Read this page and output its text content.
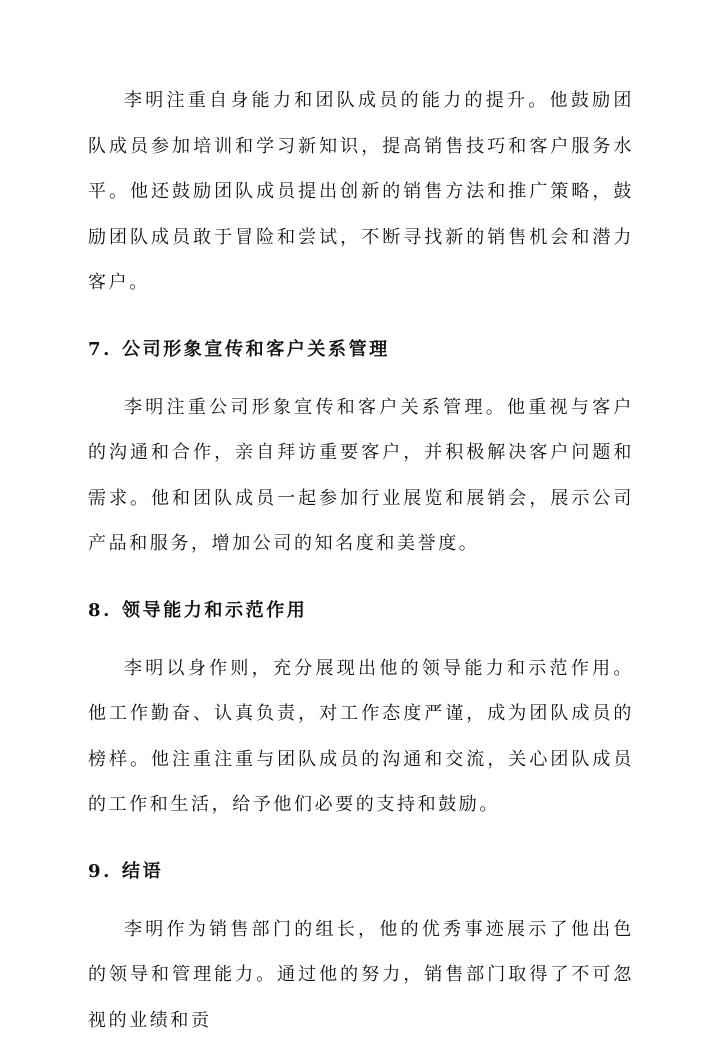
李明注重自身能力和团队成员的能力的提升。他鼓励团队成员参加培训和学习新知识，提高销售技巧和客户服务水平。他还鼓励团队成员提出创新的销售方法和推广策略，鼓励团队成员敢于冒险和尝试，不断寻找新的销售机会和潜力客户。

7. 公司形象宣传和客户关系管理

李明注重公司形象宣传和客户关系管理。他重视与客户的沟通和合作，亲自拜访重要客户，并积极解决客户问题和需求。他和团队成员一起参加行业展览和展销会，展示公司产品和服务，增加公司的知名度和美誉度。

8. 领导能力和示范作用

李明以身作则，充分展现出他的领导能力和示范作用。他工作勤奋、认真负责，对工作态度严谨，成为团队成员的榜样。他注重注重与团队成员的沟通和交流，关心团队成员的工作和生活，给予他们必要的支持和鼓励。

9. 结语

李明作为销售部门的组长，他的优秀事迹展示了他出色的领导和管理能力。通过他的努力，销售部门取得了不可忽视的业绩和贡
